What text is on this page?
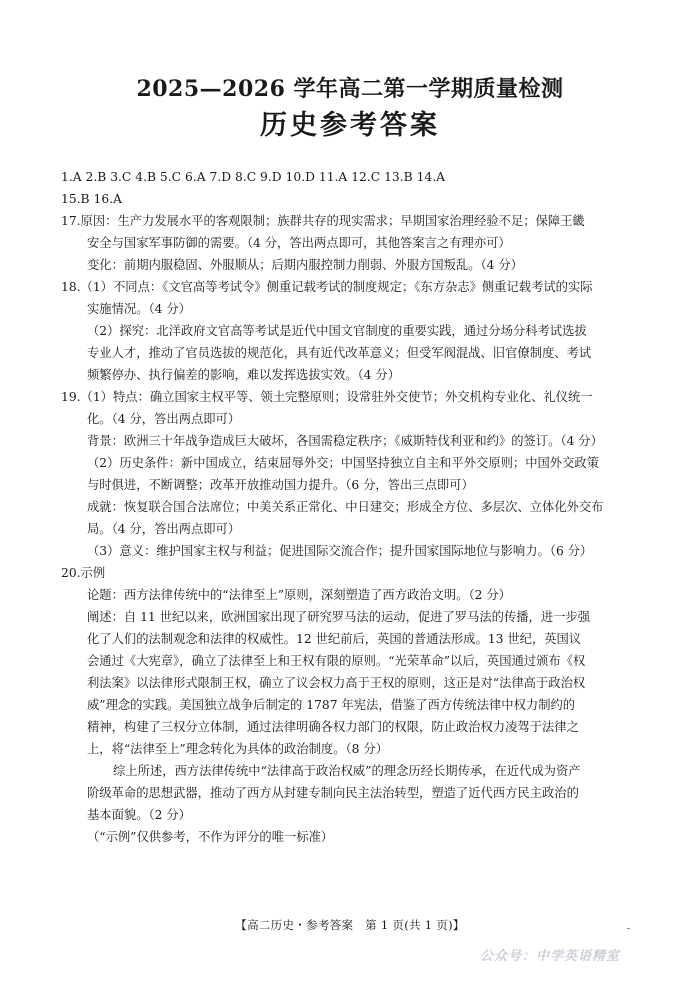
2025—2026 学年高二第一学期质量检测
历史参考答案
1.A 2.B 3.C 4.B 5.C 6.A 7.D 8.C 9.D 10.D 11.A 12.C 13.B 14.A
15.B 16.A
17.原因：生产力发展水平的客观限制；族群共存的现实需求；早期国家治理经验不足；保障王畿
安全与国家军事防御的需要。（4 分，答出两点即可，其他答案言之有理亦可）
变化：前期内服稳固、外服顺从；后期内服控制力削弱、外服方国叛乱。（4 分）
18.（1）不同点：《文官高等考试令》侧重记载考试的制度规定；《东方杂志》侧重记载考试的实际
实施情况。（4 分）
（2）探究：北洋政府文官高等考试是近代中国文官制度的重要实践，通过分场分科考试选拔
专业人才，推动了官员选拔的规范化，具有近代改革意义；但受军阀混战、旧官僚制度、考试
频繁停办、执行偏差的影响，难以发挥选拔实效。（4 分）
19.（1）特点：确立国家主权平等、领土完整原则；设常驻外交使节；外交机构专业化、礼仪统一
化。（4 分，答出两点即可）
背景：欧洲三十年战争造成巨大破坏，各国需稳定秩序；《威斯特伐利亚和约》的签订。（4 分）
（2）历史条件：新中国成立，结束屈辱外交；中国坚持独立自主和平外交原则；中国外交政策
与时俱进，不断调整；改革开放推动国力提升。（6 分，答出三点即可）
成就：恢复联合国合法席位；中美关系正常化、中日建交；形成全方位、多层次、立体化外交布
局。（4 分，答出两点即可）
（3）意义：维护国家主权与利益；促进国际交流合作；提升国家国际地位与影响力。（6 分）
20.示例
论题：西方法律传统中的“法律至上”原则，深刻塑造了西方政治文明。（2 分）
阐述：自 11 世纪以来，欧洲国家出现了研究罗马法的运动，促进了罗马法的传播，进一步强
化了人们的法制观念和法律的权威性。12 世纪前后，英国的普通法形成。13 世纪，英国议
会通过《大宪章》，确立了法律至上和王权有限的原则。“光荣革命”以后，英国通过颁布《权
利法案》以法律形式限制王权，确立了议会权力高于王权的原则，这正是对“法律高于政治权
威”理念的实践。美国独立战争后制定的 1787 年宪法，借鉴了西方传统法律中权力制约的
精神，构建了三权分立体制，通过法律明确各权力部门的权限，防止政治权力凌驾于法律之
上，将“法律至上”理念转化为具体的政治制度。（8 分）
综上所述，西方法律传统中“法律高于政治权威”的理念历经长期传承，在近代成为资产
阶级革命的思想武器，推动了西方从封建专制向民主法治转型，塑造了近代西方民主政治的
基本面貌。（2 分）
（“示例”仅供参考，不作为评分的唯一标准）
【高二历史・参考答案　第 1 页(共 1 页)】
公众号：中学英语精室
